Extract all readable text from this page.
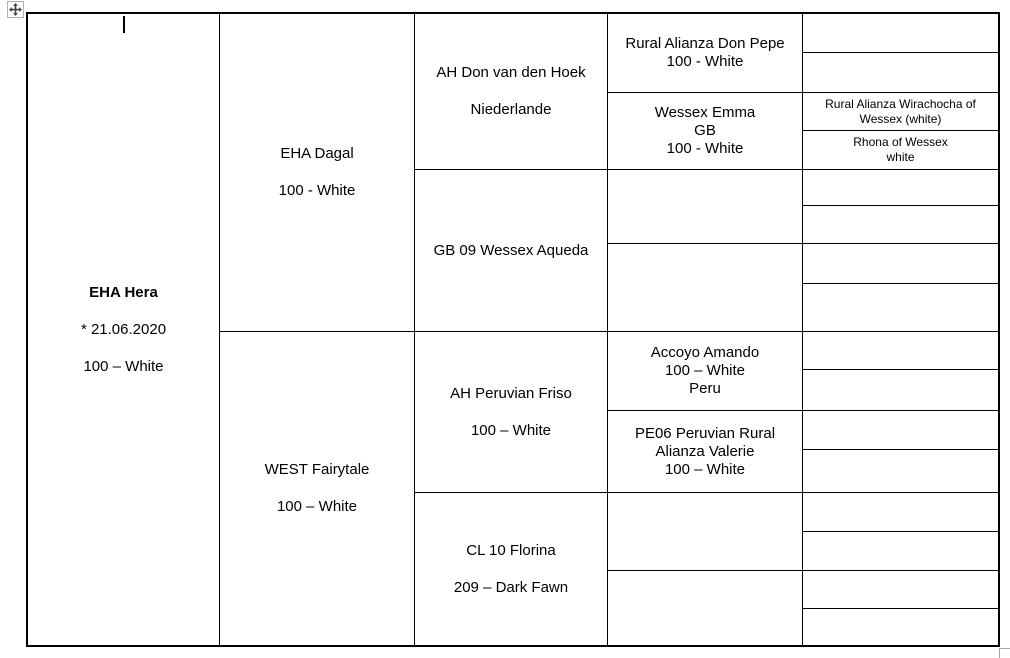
EHA Hera
* 21.06.2020
100 – White
EHA Dagal
100 - White
WEST Fairytale
100 – White
AH Don van den Hoek
Niederlande
GB 09 Wessex Aqueda
AH Peruvian Friso
100 – White
CL 10 Florina
209 – Dark Fawn
Rural Alianza Don Pepe
100 - White
Wessex Emma
GB
100 - White
Accoyo Amando
100 – White
Peru
PE06 Peruvian Rural
Alianza Valerie
100 – White
Rural Alianza Wirachocha of
Wessex (white)
Rhona of Wessex
white
